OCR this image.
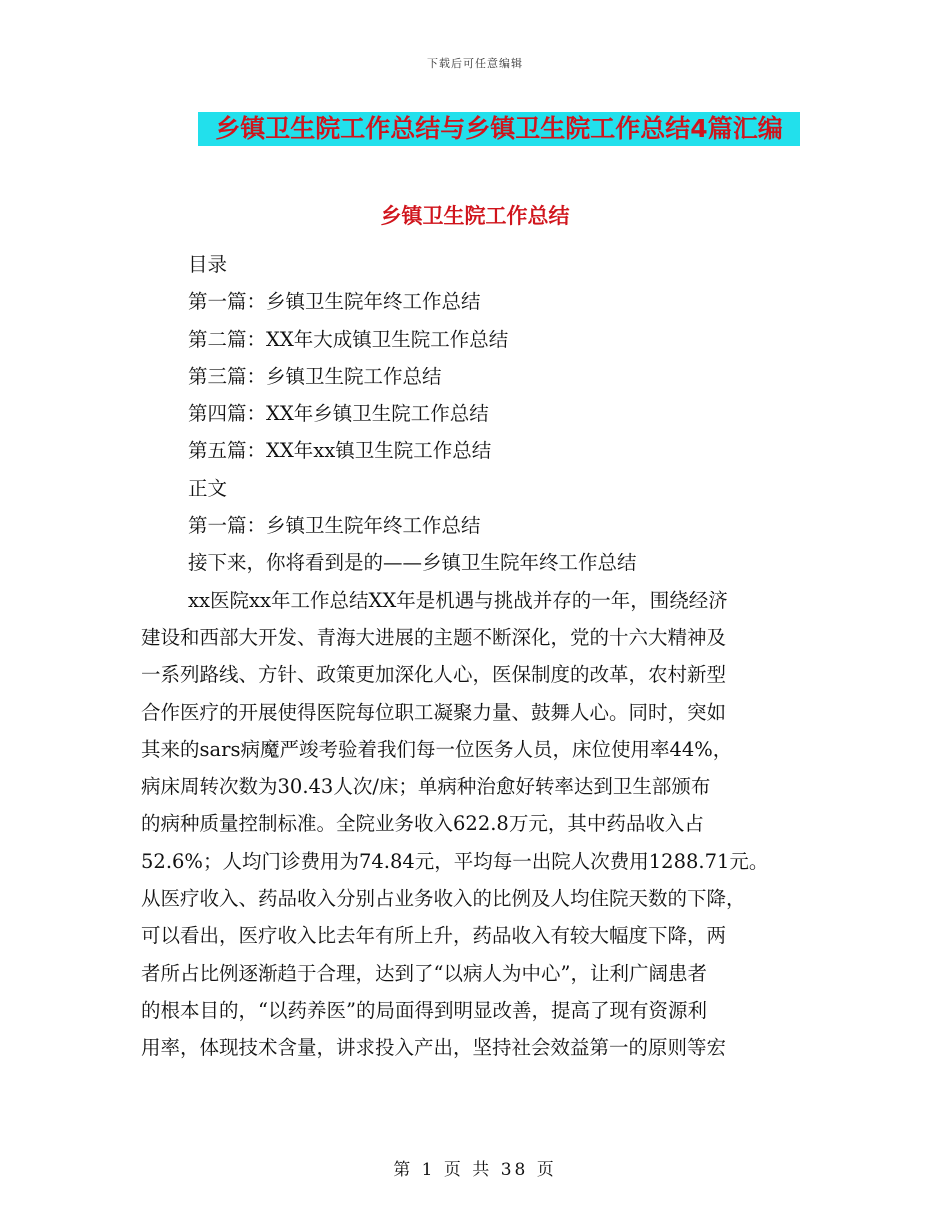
下载后可任意编辑
乡镇卫生院工作总结与乡镇卫生院工作总结4篇汇编
乡镇卫生院工作总结
目录
第一篇：乡镇卫生院年终工作总结
第二篇：XX年大成镇卫生院工作总结
第三篇：乡镇卫生院工作总结
第四篇：XX年乡镇卫生院工作总结
第五篇：XX年xx镇卫生院工作总结
正文
第一篇：乡镇卫生院年终工作总结
接下来，你将看到是的——乡镇卫生院年终工作总结
xx医院xx年工作总结XX年是机遇与挑战并存的一年，围绕经济
建设和西部大开发、青海大进展的主题不断深化，党的十六大精神及
一系列路线、方针、政策更加深化人心，医保制度的改革，农村新型
合作医疗的开展使得医院每位职工凝聚力量、鼓舞人心。同时，突如
其来的sars病魔严竣考验着我们每一位医务人员，床位使用率44%，
病床周转次数为30.43人次/床；单病种治愈好转率达到卫生部颁布
的病种质量控制标准。全院业务收入622.8万元，其中药品收入占
52.6%；人均门诊费用为74.84元，平均每一出院人次费用1288.71元。
从医疗收入、药品收入分别占业务收入的比例及人均住院天数的下降，
可以看出，医疗收入比去年有所上升，药品收入有较大幅度下降，两
者所占比例逐渐趋于合理，达到了“以病人为中心”，让利广阔患者
的根本目的，“以药养医”的局面得到明显改善，提高了现有资源利
用率，体现技术含量，讲求投入产出，坚持社会效益第一的原则等宏
第 1 页 共 38 页
